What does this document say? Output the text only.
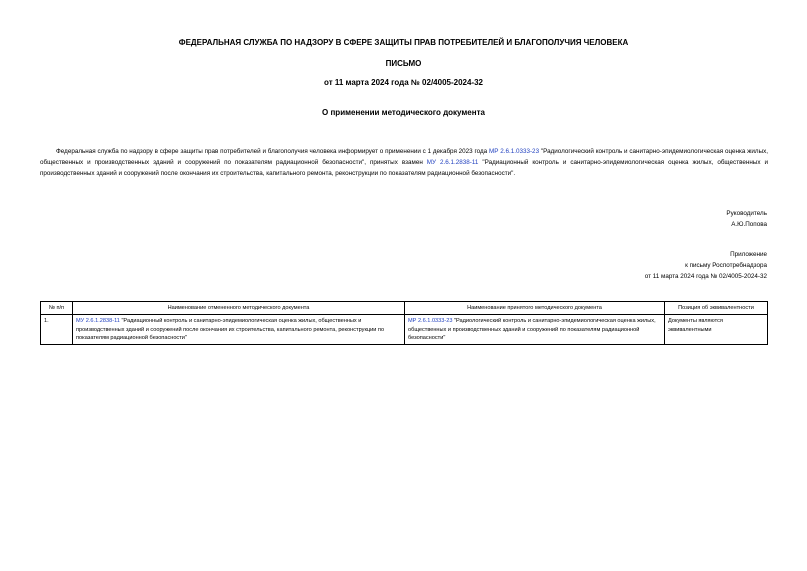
ФЕДЕРАЛЬНАЯ СЛУЖБА ПО НАДЗОРУ В СФЕРЕ ЗАЩИТЫ ПРАВ ПОТРЕБИТЕЛЕЙ И БЛАГОПОЛУЧИЯ ЧЕЛОВЕКА
ПИСЬМО
от 11 марта 2024 года № 02/4005-2024-32
О применении методического документа

Федеральная служба по надзору в сфере защиты прав потребителей и благополучия человека информирует о применении с 1 декабря 2023 года МР 2.6.1.0333-23 "Радиологический контроль и санитарно-эпидемиологическая оценка жилых, общественных и производственных зданий и сооружений по показателям радиационной безопасности", принятых взамен МУ 2.6.1.2838-11 "Радиационный контроль и санитарно-эпидемиологическая оценка жилых, общественных и производственных зданий и сооружений после окончания их строительства, капитального ремонта, реконструкции по показателям радиационной безопасности".

Руководитель
А.Ю.Попова
Приложение
к письму Роспотребнадзора
от 11 марта 2024 года № 02/4005-2024-32
№ п/п	Наименование отмененного методического документа	Наименование принятого методического документа	Позиция об эквивалентности
1.	МУ 2.6.1.2838-11 "Радиационный контроль и санитарно-эпидемиологическая оценка жилых, общественных и производственных зданий и сооружений после окончания их строительства, капитального ремонта, реконструкции по показателям радиационной безопасности"	МР 2.6.1.0333-23 "Радиологический контроль и санитарно-эпидемиологическая оценка жилых, общественных и производственных зданий и сооружений по показателям радиационной безопасности"	Документы являются эквивалентными
